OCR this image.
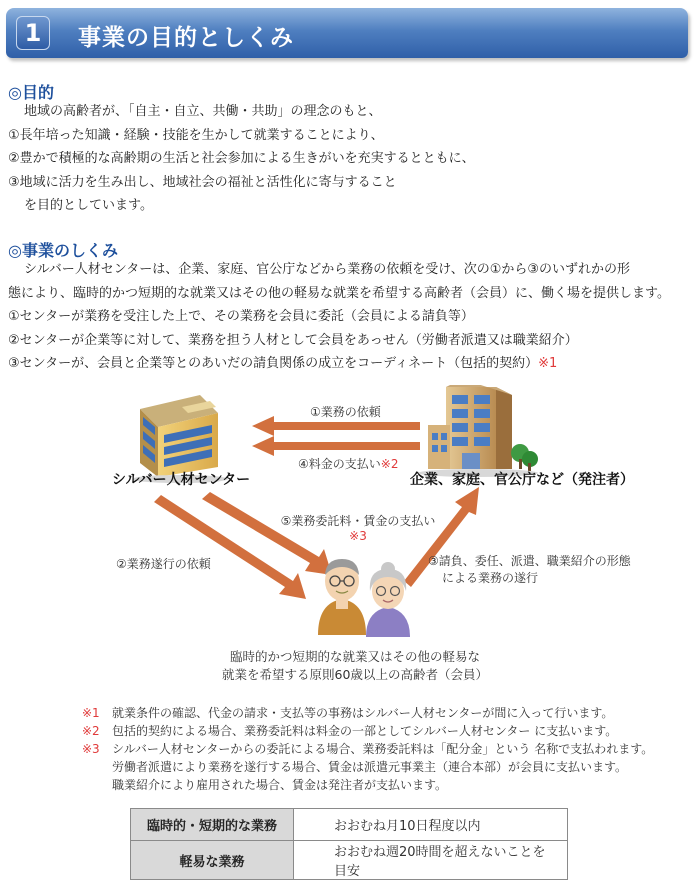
1	事業の目的としくみ
◎目的
地域の高齢者が、「自主・自立、共働・共助」の理念のもと、
①長年培った知識・経験・技能を生かして就業することにより、
②豊かで積極的な高齢期の生活と社会参加による生きがいを充実するとともに、
③地域に活力を生み出し、地域社会の福祉と活性化に寄与すること
を目的としています。
◎事業のしくみ
シルバー人材センターは、企業、家庭、官公庁などから業務の依頼を受け、次の①から③のいずれかの形
態により、臨時的かつ短期的な就業又はその他の軽易な就業を希望する高齢者（会員）に、働く場を提供します。
①センターが業務を受注した上で、その業務を会員に委託（会員による請負等）
②センターが企業等に対して、業務を担う人材として会員をあっせん（労働者派遣又は職業紹介）
③センターが、会員と企業等とのあいだの請負関係の成立をコーディネート（包括的契約）※1
シルバー人材センター	企業、家庭、官公庁など（発注者）
①業務の依頼
④料金の支払い※2
⑤業務委託料・賃金の支払い
※3
②業務遂行の依頼	③請負、委任、派遣、職業紹介の形態
による業務の遂行
臨時的かつ短期的な就業又はその他の軽易な
就業を希望する原則60歳以上の高齢者（会員）
※1	就業条件の確認、代金の請求・支払等の事務はシルバー人材センターが間に入って行います。
※2	包括的契約による場合、業務委託料は料金の一部としてシルバー人材センター に支払います。
※3	シルバー人材センターからの委託による場合、業務委託料は「配分金」という 名称で支払われます。
労働者派遣により業務を遂行する場合、賃金は派遣元事業主（連合本部）が会員に支払います。
職業紹介により雇用された場合、賃金は発注者が支払います。
臨時的・短期的な業務	おおむね月10日程度以内
軽易な業務	おおむね週20時間を超えないことを目安
